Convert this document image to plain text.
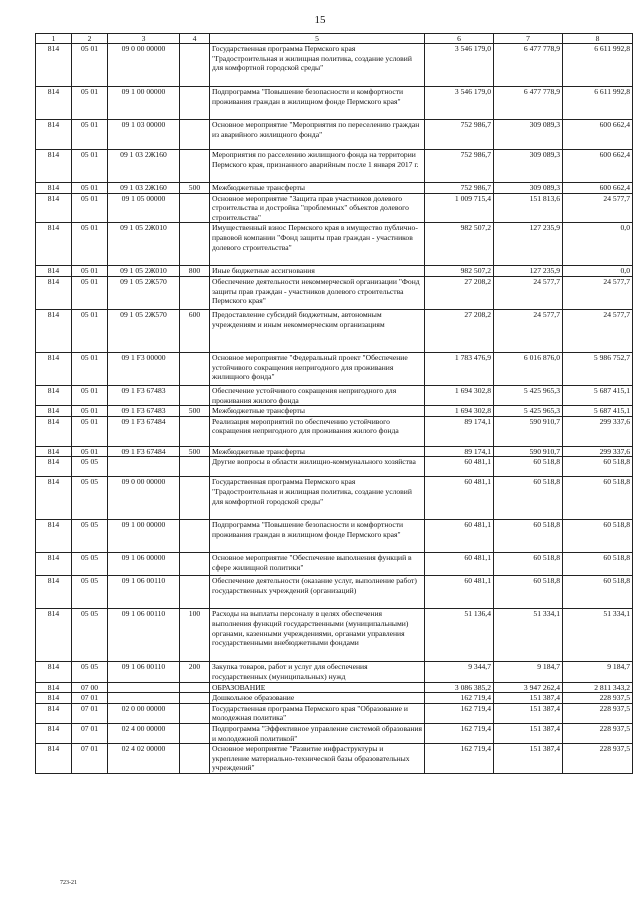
15
1	2	3	4	5	6	7	8
814	05 01	09 0 00 00000		Государственная программа Пермского края "Градостроительная и жилищная политика, создание условий для комфортной городской среды"	3 546 179,0	6 477 778,9	6 611 992,8
814	05 01	09 1 00 00000		Подпрограмма "Повышение безопасности и комфортности проживания граждан в жилищном фонде Пермского края"	3 546 179,0	6 477 778,9	6 611 992,8
814	05 01	09 1 03 00000		Основное мероприятие "Мероприятия по переселению граждан из аварийного жилищного фонда"	752 986,7	309 089,3	600 662,4
814	05 01	09 1 03 2Ж160		Мероприятия по расселению жилищного фонда на территории Пермского края, признанного аварийным после 1 января 2017 г.	752 986,7	309 089,3	600 662,4
814	05 01	09 1 03 2Ж160	500	Межбюджетные трансферты	752 986,7	309 089,3	600 662,4
814	05 01	09 1 05 00000		Основное мероприятие "Защита прав участников долевого строительства и достройка "проблемных" объектов долевого строительства"	1 009 715,4	151 813,6	24 577,7
814	05 01	09 1 05 2Ж010		Имущественный взнос Пермского края в имущество публично-правовой компании "Фонд защиты прав граждан - участников долевого строительства"	982 507,2	127 235,9	0,0
814	05 01	09 1 05 2Ж010	800	Иные бюджетные ассигнования	982 507,2	127 235,9	0,0
814	05 01	09 1 05 2Ж570		Обеспечение деятельности некоммерческой организации "Фонд защиты прав граждан - участников долевого строительства Пермского края"	27 208,2	24 577,7	24 577,7
814	05 01	09 1 05 2Ж570	600	Предоставление субсидий бюджетным, автономным учреждениям и иным некоммерческим организациям	27 208,2	24 577,7	24 577,7
814	05 01	09 1 F3 00000		Основное мероприятие "Федеральный проект "Обеспечение устойчивого сокращения непригодного для проживания жилищного фонда"	1 783 476,9	6 016 876,0	5 986 752,7
814	05 01	09 1 F3 67483		Обеспечение устойчивого сокращения непригодного для проживания жилого фонда	1 694 302,8	5 425 965,3	5 687 415,1
814	05 01	09 1 F3 67483	500	Межбюджетные трансферты	1 694 302,8	5 425 965,3	5 687 415,1
814	05 01	09 1 F3 67484		Реализация мероприятий по обеспечению устойчивого сокращения непригодного для проживания жилого фонда	89 174,1	590 910,7	299 337,6
814	05 01	09 1 F3 67484	500	Межбюджетные трансферты	89 174,1	590 910,7	299 337,6
814	05 05			Другие вопросы в области жилищно-коммунального хозяйства	60 481,1	60 518,8	60 518,8
814	05 05	09 0 00 00000		Государственная программа Пермского края "Градостроительная и жилищная политика, создание условий для комфортной городской среды"	60 481,1	60 518,8	60 518,8
814	05 05	09 1 00 00000		Подпрограмма "Повышение безопасности и комфортности проживания граждан в жилищном фонде Пермского края"	60 481,1	60 518,8	60 518,8
814	05 05	09 1 06 00000		Основное мероприятие "Обеспечение выполнения функций в сфере жилищной политики"	60 481,1	60 518,8	60 518,8
814	05 05	09 1 06 00110		Обеспечение деятельности (оказание услуг, выполнение работ) государственных учреждений (организаций)	60 481,1	60 518,8	60 518,8
814	05 05	09 1 06 00110	100	Расходы на выплаты персоналу в целях обеспечения выполнения функций государственными (муниципальными) органами, казенными учреждениями, органами управления государственными внебюджетными фондами	51 136,4	51 334,1	51 334,1
814	05 05	09 1 06 00110	200	Закупка товаров, работ и услуг для обеспечения государственных (муниципальных) нужд	9 344,7	9 184,7	9 184,7
814	07 00			ОБРАЗОВАНИЕ	3 086 385,2	3 947 262,4	2 811 343,2
814	07 01			Дошкольное образование	162 719,4	151 387,4	228 937,5
814	07 01	02 0 00 00000		Государственная программа Пермского края "Образование и молодежная политика"	162 719,4	151 387,4	228 937,5
814	07 01	02 4 00 00000		Подпрограмма "Эффективное управление системой образования и молодежной политикой"	162 719,4	151 387,4	228 937,5
814	07 01	02 4 02 00000		Основное мероприятие "Развитие инфраструктуры и укрепление материально-технической базы образовательных учреждений"	162 719,4	151 387,4	228 937,5
723-21
